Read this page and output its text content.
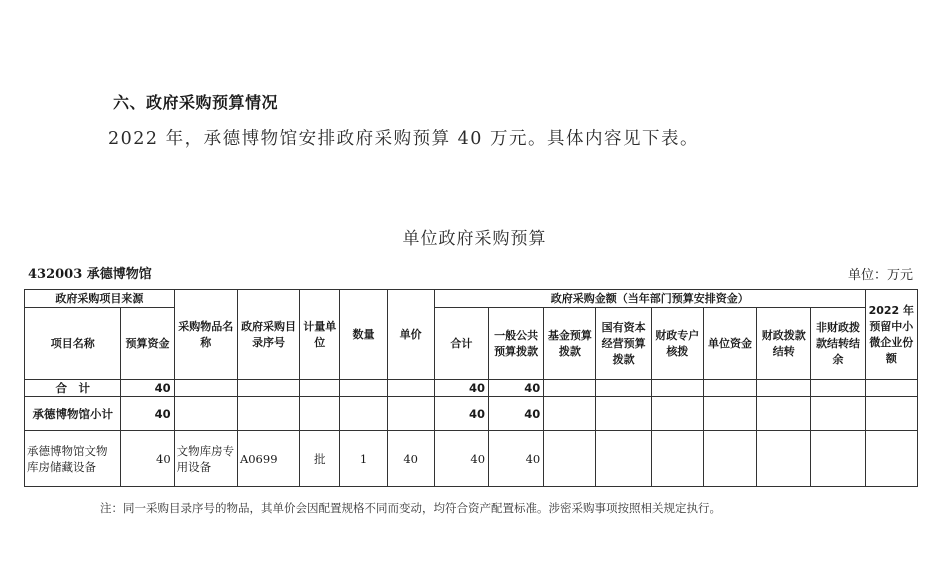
六、政府采购预算情况
2022 年，承德博物馆安排政府采购预算 40 万元。具体内容见下表。
单位政府采购预算
432003 承德博物馆	单位：万元
政府采购项目来源		采购物品名称	政府采购目录序号	计量单位	数量	单价	政府采购金额（当年部门预算安排资金）								2022 年预留中小微企业份额
项目名称	预算资金						合计	一般公共预算拨款	基金预算拨款	国有资本经营预算拨款	财政专户核拨	单位资金	财政拨款结转	非财政拨款结转结余	
合　计	40						40	40							
承德博物馆小计	40						40	40							
承德博物馆文物库房储藏设备	40	文物库房专用设备	A0699	批	1	40	40	40							
注：同一采购目录序号的物品，其单价会因配置规格不同而变动，均符合资产配置标准。涉密采购事项按照相关规定执行。
